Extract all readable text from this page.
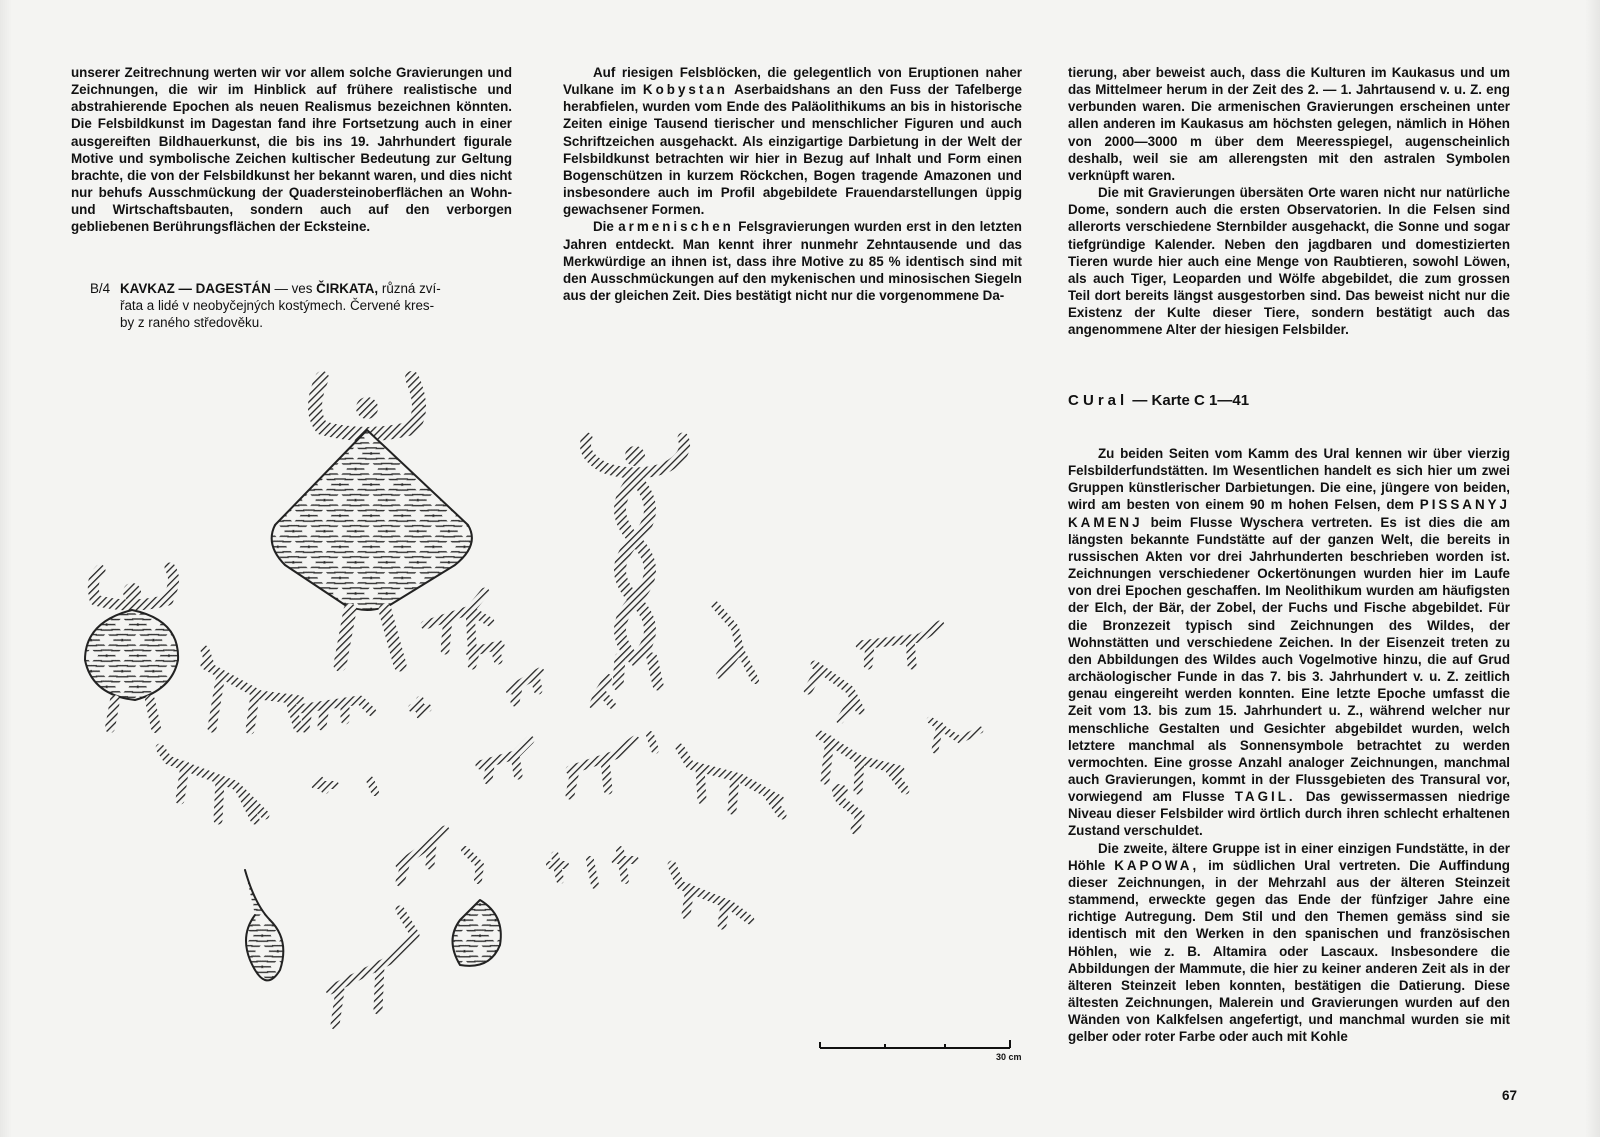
unserer Zeitrechnung werten wir vor allem solche Gravierungen und Zeichnungen, die wir im Hinblick auf frühere realistische und abstrahierende Epochen als neuen Realismus bezeichnen könnten. Die Felsbildkunst im Dagestan fand ihre Fortsetzung auch in einer ausgereiften Bildhauerkunst, die bis ins 19. Jahrhundert figurale Motive und symbolische Zeichen kultischer Bedeutung zur Geltung brachte, die von der Felsbildkunst her bekannt waren, und dies nicht nur behufs Ausschmückung der Quadersteinoberflächen an Wohn-und Wirtschaftsbauten, sondern auch auf den verborgen gebliebenen Berührungsflächen der Ecksteine.

B/4 KAVKAZ — DAGESTÁN — ves ČIRKATA, různá zví-
řata a lidé v neobyčejných kostýmech. Červené kres-
by z raného středověku.

Auf riesigen Felsblöcken, die gelegentlich von Eruptionen naher Vulkane im Kobystan Aserbaidshans an den Fuss der Tafelberge herabfielen, wurden vom Ende des Paläolithikums an bis in historische Zeiten einige Tausend tierischer und menschlicher Figuren und auch Schriftzeichen ausgehackt. Als einzigartige Darbietung in der Welt der Felsbildkunst betrachten wir hier in Bezug auf Inhalt und Form einen Bogenschützen in kurzem Röckchen, Bogen tragende Amazonen und insbesondere auch im Profil abgebildete Frauendarstellungen üppig gewachsener Formen.

Die armenischen Felsgravierungen wurden erst in den letzten Jahren entdeckt. Man kennt ihrer nunmehr Zehntausende und das Merkwürdige an ihnen ist, dass ihre Motive zu 85 % identisch sind mit den Ausschmückungen auf den mykenischen und minosischen Siegeln aus der gleichen Zeit. Dies bestätigt nicht nur die vorgenommene Da-

tierung, aber beweist auch, dass die Kulturen im Kaukasus und um das Mittelmeer herum in der Zeit des 2. — 1. Jahrtausend v. u. Z. eng verbunden waren. Die armenischen Gravierungen erscheinen unter allen anderen im Kaukasus am höchsten gelegen, nämlich in Höhen von 2000—3000 m über dem Meeresspiegel, augenscheinlich deshalb, weil sie am allerengsten mit den astralen Symbolen verknüpft waren.

Die mit Gravierungen übersäten Orte waren nicht nur natürliche Dome, sondern auch die ersten Observatorien. In die Felsen sind allerorts verschiedene Sternbilder ausgehackt, die Sonne und sogar tiefgründige Kalender. Neben den jagdbaren und domestizierten Tieren wurde hier auch eine Menge von Raubtieren, sowohl Löwen, als auch Tiger, Leoparden und Wölfe abgebildet, die zum grossen Teil dort bereits längst ausgestorben sind. Das beweist nicht nur die Existenz der Kulte dieser Tiere, sondern bestätigt auch das angenommene Alter der hiesigen Felsbilder.

C Ural — Karte C 1—41

Zu beiden Seiten vom Kamm des Ural kennen wir über vierzig Felsbilderfundstätten. Im Wesentlichen handelt es sich hier um zwei Gruppen künstlerischer Darbietungen. Die eine, jüngere von beiden, wird am besten von einem 90 m hohen Felsen, dem PISSANYJ KAMENJ beim Flusse Wyschera vertreten. Es ist dies die am längsten bekannte Fundstätte auf der ganzen Welt, die bereits in russischen Akten vor drei Jahrhunderten beschrieben worden ist. Zeichnungen verschiedener Ockertönungen wurden hier im Laufe von drei Epochen geschaffen. Im Neolithikum wurden am häufigsten der Elch, der Bär, der Zobel, der Fuchs und Fische abgebildet. Für die Bronzezeit typisch sind Zeichnungen des Wildes, der Wohnstätten und verschiedene Zeichen. In der Eisenzeit treten zu den Abbildungen des Wildes auch Vogelmotive hinzu, die auf Grud archäologischer Funde in das 7. bis 3. Jahrhundert v. u. Z. zeitlich genau eingereiht werden konnten. Eine letzte Epoche umfasst die Zeit vom 13. bis zum 15. Jahrhundert u. Z., während welcher nur menschliche Gestalten und Gesichter abgebildet wurden, welch letztere manchmal als Sonnensymbole betrachtet zu werden vermochten. Eine grosse Anzahl analoger Zeichnungen, manchmal auch Gravierungen, kommt in der Flussgebieten des Transural vor, vorwiegend am Flusse TAGIL. Das gewissermassen niedrige Niveau dieser Felsbilder wird örtlich durch ihren schlecht erhaltenen Zustand verschuldet.

Die zweite, ältere Gruppe ist in einer einzigen Fundstätte, in der Höhle KAPOWA, im südlichen Ural vertreten. Die Auffindung dieser Zeichnungen, in der Mehrzahl aus der älteren Steinzeit stammend, erweckte gegen das Ende der fünfziger Jahre eine richtige Autregung. Dem Stil und den Themen gemäss sind sie identisch mit den Werken in den spanischen und französischen Höhlen, wie z. B. Altamira oder Lascaux. Insbesondere die Abbildungen der Mammute, die hier zu keiner anderen Zeit als in der älteren Steinzeit leben konnten, bestätigen die Datierung. Diese ältesten Zeichnungen, Malerein und Gravierungen wurden auf den Wänden von Kalkfelsen angefertigt, und manchmal wurden sie mit gelber oder roter Farbe oder auch mit Kohle

30 cm
67
